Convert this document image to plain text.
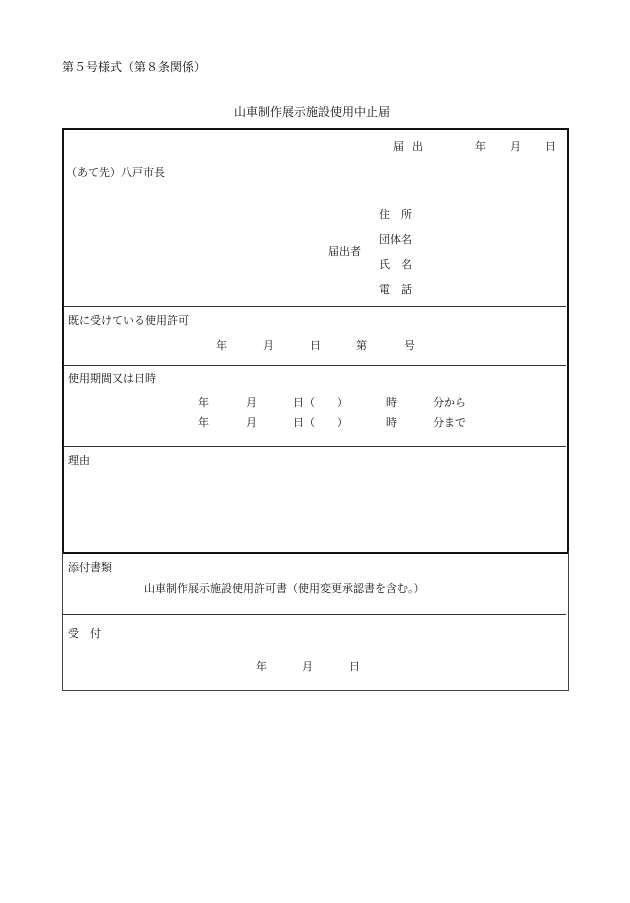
第５号様式（第８条関係）
山車制作展示施設使用中止届
届出	年 月 日
（あて先）八戸市長
届出者
住　所
団体名
氏　名
電　話
既に受けている使用許可
年	月	日	第	号
使用期間又は日時
年	月	日（　　）	時	分から
年	月	日（　　）	時	分まで
理由
添付書類
山車制作展示施設使用許可書（使用変更承認書を含む。）
受　付
年	月	日
